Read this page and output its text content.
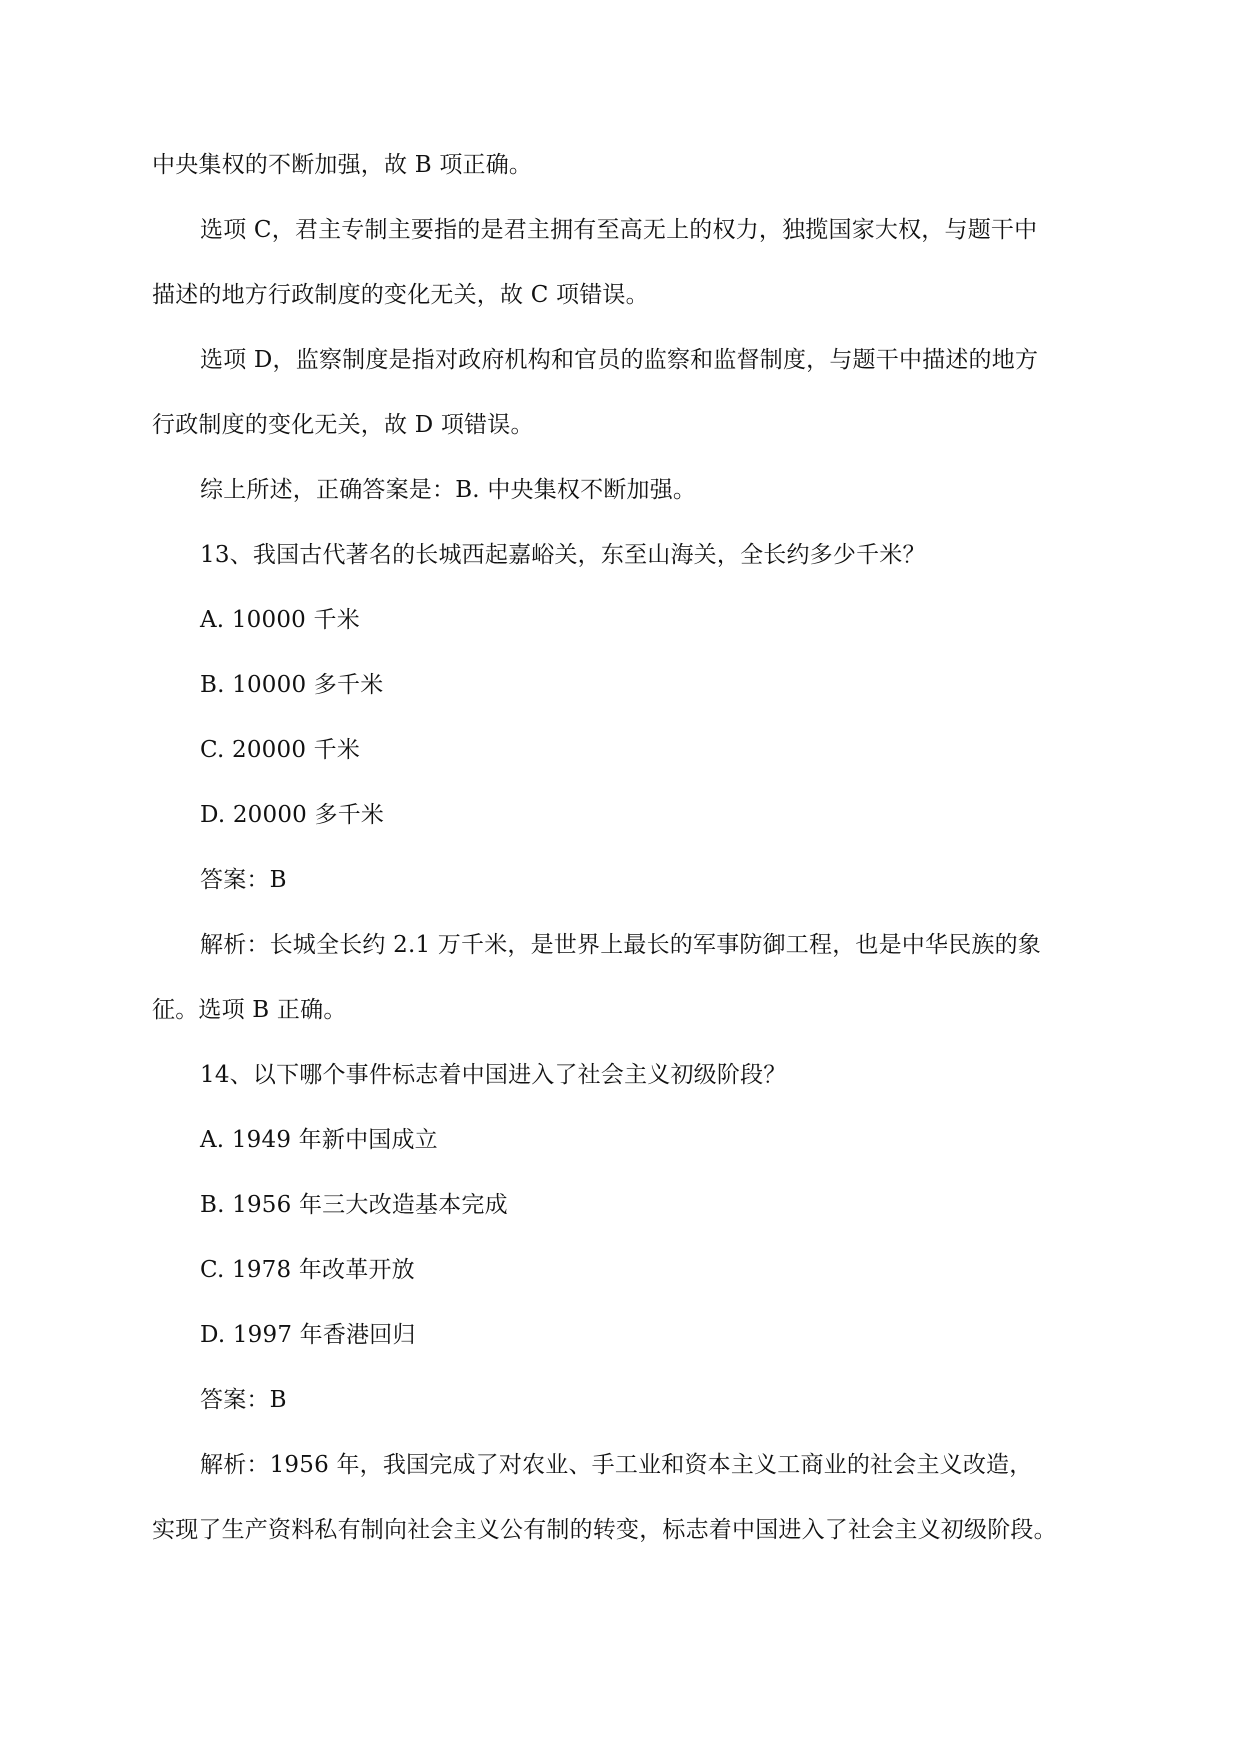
中央集权的不断加强，故 B 项正确。
选项 C，君主专制主要指的是君主拥有至高无上的权力，独揽国家大权，与题干中
描述的地方行政制度的变化无关，故 C 项错误。
选项 D，监察制度是指对政府机构和官员的监察和监督制度，与题干中描述的地方
行政制度的变化无关，故 D 项错误。
综上所述，正确答案是：B. 中央集权不断加强。
13、我国古代著名的长城西起嘉峪关，东至山海关，全长约多少千米？
A. 10000 千米
B. 10000 多千米
C. 20000 千米
D. 20000 多千米
答案：B
解析：长城全长约 2.1 万千米，是世界上最长的军事防御工程，也是中华民族的象
征。选项 B 正确。
14、以下哪个事件标志着中国进入了社会主义初级阶段？
A. 1949 年新中国成立
B. 1956 年三大改造基本完成
C. 1978 年改革开放
D. 1997 年香港回归
答案：B
解析：1956 年，我国完成了对农业、手工业和资本主义工商业的社会主义改造，
实现了生产资料私有制向社会主义公有制的转变，标志着中国进入了社会主义初级阶段。
